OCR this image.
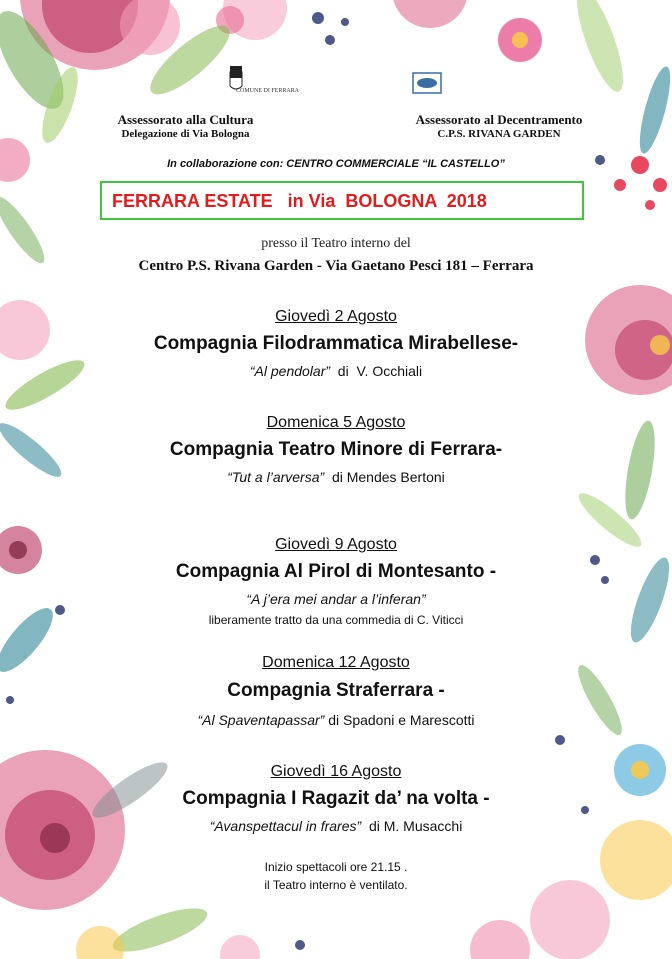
COMUNE DI FERRARA
Assessorato alla Cultura
Delegazione di Via Bologna
Assessorato al Decentramento
C.P.S. RIVANA GARDEN
In collaborazione con: CENTRO COMMERCIALE “IL CASTELLO”
FERRARA ESTATE   in Via  BOLOGNA  2018
presso il Teatro interno del
Centro P.S. Rivana Garden - Via Gaetano Pesci 181 – Ferrara
Giovedì 2 Agosto
Compagnia Filodrammatica Mirabellese-
“Al pendolar”  di  V. Occhiali
Domenica 5 Agosto
Compagnia Teatro Minore di Ferrara-
“Tut a l’arversa”  di Mendes Bertoni
Giovedì 9 Agosto
Compagnia Al Pirol di Montesanto -
“A j’era mei andar a l’inferan”
liberamente tratto da una commedia di C. Viticci
Domenica 12 Agosto
Compagnia Straferrara -
“Al Spaventapassar” di Spadoni e Marescotti
Giovedì 16 Agosto
Compagnia I Ragazit da’ na volta -
“Avanspettacul in frares”  di M. Musacchi
Inizio spettacoli ore 21.15 .
il Teatro interno è ventilato.
